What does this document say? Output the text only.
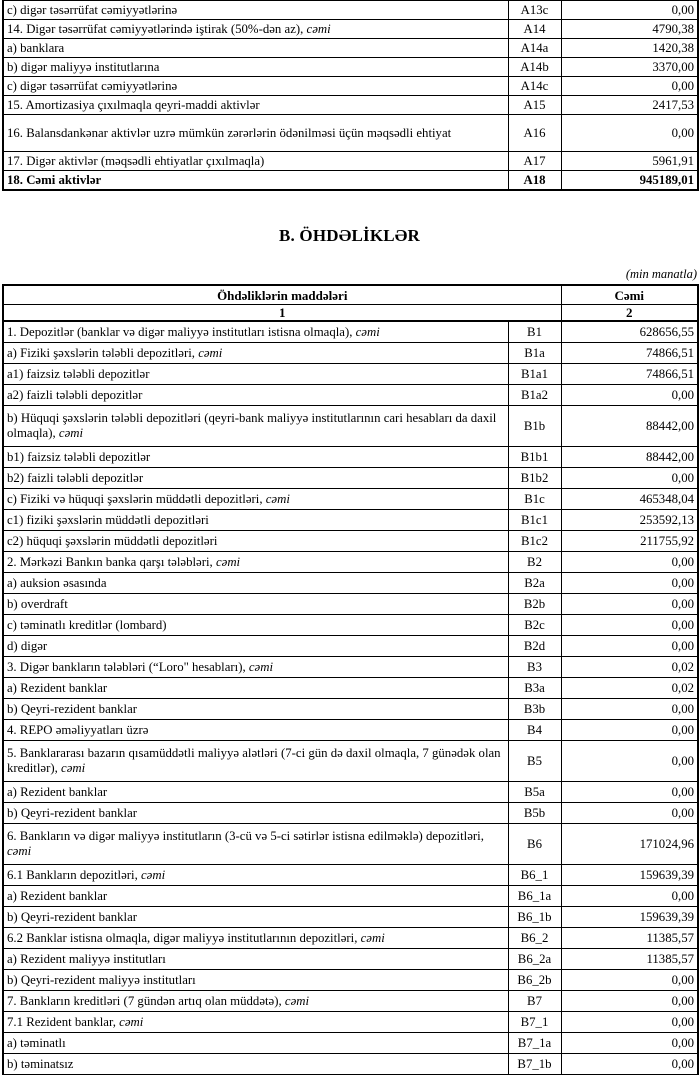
c) digər təsərrüfat cəmiyyətlərinə	A13c	0,00
14. Digər təsərrüfat cəmiyyətlərində iştirak (50%-dən az), cəmi	A14	4790,38
a) banklara	A14a	1420,38
b) digər maliyyə institutlarına	A14b	3370,00
c) digər təsərrüfat cəmiyyətlərinə	A14c	0,00
15. Amortizasiya çıxılmaqla qeyri-maddi aktivlər	A15	2417,53
16. Balansdankənar aktivlər uzrə mümkün zərərlərin ödənilməsi üçün məqsədli ehtiyat	A16	0,00
17. Digər aktivlər (məqsədli ehtiyatlar çıxılmaqla)	A17	5961,91
18. Cəmi aktivlər	A18	945189,01
B. ÖHDƏLİKLƏR
(min manatla)
Öhdəliklərin maddələri		Cəmi
1		2
1. Depozitlər (banklar və digər maliyyə institutları istisna olmaqla), cəmi	B1	628656,55
a) Fiziki şəxslərin tələbli depozitləri, cəmi	B1a	74866,51
a1) faizsiz tələbli depozitlər	B1a1	74866,51
a2) faizli tələbli depozitlər	B1a2	0,00
b) Hüquqi şəxslərin tələbli depozitləri (qeyri-bank maliyyə institutlarının cari hesabları da daxil olmaqla), cəmi	B1b	88442,00
b1) faizsiz tələbli depozitlər	B1b1	88442,00
b2) faizli tələbli depozitlər	B1b2	0,00
c) Fiziki və hüquqi şəxslərin müddətli depozitləri, cəmi	B1c	465348,04
c1) fiziki şəxslərin müddətli depozitləri	B1c1	253592,13
c2) hüquqi şəxslərin müddətli depozitləri	B1c2	211755,92
2. Mərkəzi Bankın banka qarşı tələbləri, cəmi	B2	0,00
a) auksion əsasında	B2a	0,00
b) overdraft	B2b	0,00
c) təminatlı kreditlər (lombard)	B2c	0,00
d) digər	B2d	0,00
3. Digər bankların tələbləri (“Loro" hesabları), cəmi	B3	0,02
a) Rezident banklar	B3a	0,02
b) Qeyri-rezident banklar	B3b	0,00
4. REPO əməliyyatları üzrə	B4	0,00
5. Banklararası bazarın qısamüddətli maliyyə alətləri (7-ci gün də daxil olmaqla, 7 günədək olan kreditlər), cəmi	B5	0,00
a) Rezident banklar	B5a	0,00
b) Qeyri-rezident banklar	B5b	0,00
6. Bankların və digər maliyyə institutların (3-cü və 5-ci sətirlər istisna edilməklə) depozitləri, cəmi	B6	171024,96
6.1 Bankların depozitləri, cəmi	B6_1	159639,39
a) Rezident banklar	B6_1a	0,00
b) Qeyri-rezident banklar	B6_1b	159639,39
6.2 Banklar istisna olmaqla, digər maliyyə institutlarının depozitləri, cəmi	B6_2	11385,57
a) Rezident maliyyə institutları	B6_2a	11385,57
b) Qeyri-rezident maliyyə institutları	B6_2b	0,00
7. Bankların kreditləri (7 gündən artıq olan müddətə), cəmi	B7	0,00
7.1 Rezident banklar, cəmi	B7_1	0,00
a) təminatlı	B7_1a	0,00
b) təminatsız	B7_1b	0,00
